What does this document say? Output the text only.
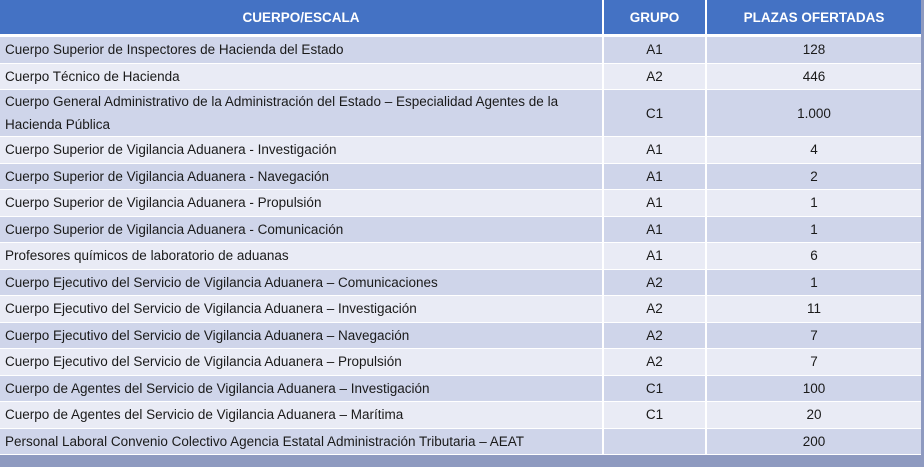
CUERPO/ESCALA	GRUPO	PLAZAS OFERTADAS
Cuerpo Superior de Inspectores de Hacienda del Estado	A1	128
Cuerpo Técnico de Hacienda	A2	446
Cuerpo General Administrativo de la Administración del Estado – Especialidad Agentes de la Hacienda Pública	C1	1.000
Cuerpo Superior de Vigilancia Aduanera - Investigación	A1	4
Cuerpo Superior de Vigilancia Aduanera - Navegación	A1	2
Cuerpo Superior de Vigilancia Aduanera - Propulsión	A1	1
Cuerpo Superior de Vigilancia Aduanera - Comunicación	A1	1
Profesores químicos de laboratorio de aduanas	A1	6
Cuerpo Ejecutivo del Servicio de Vigilancia Aduanera – Comunicaciones	A2	1
Cuerpo Ejecutivo del Servicio de Vigilancia Aduanera – Investigación	A2	11
Cuerpo Ejecutivo del Servicio de Vigilancia Aduanera – Navegación	A2	7
Cuerpo Ejecutivo del Servicio de Vigilancia Aduanera – Propulsión	A2	7
Cuerpo de Agentes del Servicio de Vigilancia Aduanera – Investigación	C1	100
Cuerpo de Agentes del Servicio de Vigilancia Aduanera – Marítima	C1	20
Personal Laboral Convenio Colectivo Agencia Estatal Administración Tributaria – AEAT		200
